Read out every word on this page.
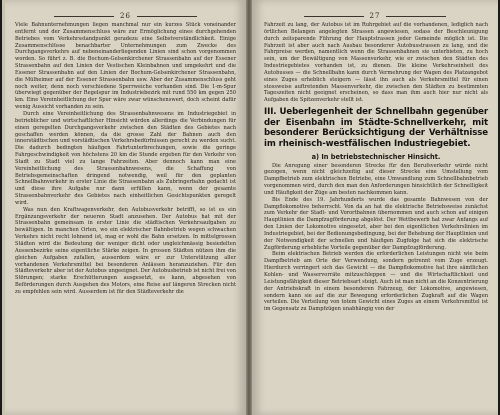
26

Viele Bahnunternehmungen liegen manchmal nur ein kurzes Stück voneinander entfernt und der Zusammenschluss wäre zur Ermöglichung eines durchgehenden Betriebes vom Verkehrsstandpunkt geradezu eine Selbstverständlichkeit. Einige Zusammenschlüsse benachbarter Unternehmungen zum Zwecke des Durchgangsverkehrs auf nebeneinanderliegenden Linien sind schon vorgenommen worden. So führt z. B. die Bochum-Gelsenkirchener Strassenbahn auf der Essener Strassenbahn auf den Linien der Vestischen Kleinbahnen und umgekehrt und die Essener Strassenbahn auf den Linien der Bochum-Gelsenkirchener Strassenbahn, die Mülheimer auf der Essener Strassenbahn usw. Aber der Zusammenschluss geht noch weiter, denn noch verschiedene Sperrweiche vorhanden sind. Die 1-m-Spur überwiegt gegenüber der Regelspur im Industriebezirk mit rund 550 km gegen 250 km. Eine Vereinheitlichung der Spur wäre zwar wünschenswert, doch scheint dafür wenig Aussicht vorhanden zu sein.

Durch eine Vereinheitlichung des Strassenbahnwesens im Industriegebiet in betrieblicher und wirtschaftlicher Hinsicht würden allerdings die Verbindungen für einen geregelten Durchgangsverkehr zwischen den Städten des Gebietes nach geschaffen werden können, da die grosse Zahl der Bahnen auch den innerstädtischen und vorstädtischen Verkehrsbedürfnissen gerecht zu werden sucht. Die dadurch bedingten häufigen Fahrtunterbrechungen, sowie die geringe Fahrgeschwindigkeit von höchstens 20 km die Stunde ergeben für den Verkehr von Stadt zu Stadt viel zu lange Fahrzeiten. Aber dennoch kann man eine Vereinheitlichung des Strassenbahnwesens, die Schaffung von Betriebsgemeinschaften dringend notwendig, weil für den geplanten Schnellbahnverkehr in erster Linie die Strassenbahn als Zubringerbahn gedacht ist und diese ihre Aufgabe nur dann erfüllen kann, wenn der gesamte Strassenbahnverkehr des Gebietes nach einheitlichen Gesichtspunkten geregelt wird.

Was nun den Kraftwagenverkehr, den Autobusverkehr betrifft, so ist es ein Ergänzungsverkehr der neueren Stadt anzusehen. Der Autobus hat mit der Strassenbahn gemeinsam in erster Linie die städtischen Verkehrsaufgaben zu bewältigen. In manchen Orten, wo ein elektrischer Bahnbetrieb wegen schwachen Verkehrs nicht recht lohnend ist, mag er wohl die Bahn ersetzen. In mittelgrossen Städten wird die Bedeutung der weniger dicht oder ungleichmässig besiedelten Aussenbezirke seine eigentliche Stärke zeigen. In grossen Städten nützen ihm die gleichen Aufgaben zufallen, ausserdem wäre er zur Unterstützung aller vorhandenen Verkehrsmittel bei besonderen Anlässen heranzuziehen. Für den Städteverkehr aber ist der Autobus ungeeignet. Der Autobusbetrieb ist nicht frei von Störungen; starke Erschütterungen ausgesetzt, es kann, abgesehen von Beförderungen durch Ausgehen des Motors, eine Reise auf längeren Strecken nicht zu empfehlen sein wird. Ausserdem ist für den Städteverkehr die

27

Fahrzeit zu lang, der Autobus ist im Ruhrgebiet auf die vorhandenen, lediglich nach örtlichen Belangen angelegten Strassen angewiesen, sodass der Beschleunigung durch zeitsparende Führung der Hauptstrassen jeder Gemeinde möglich ist. Die Fahrzeit ist aber auch nach Ausbau besonderer Autobusstrassen zu lang, und die Fahrpreise werden, namentlich wenn die Strassenbahnen sie unterbieten, zu hoch sein, um der Bewältigung von Massenverkehr, wie er zwischen den Städten des Industriegebietes vorhanden ist, zu dienen. Die kleine Verkehrseinheit des Autobusses — die Schnellbahn kann durch Vermehrung der Wagen des Platzangebot eines Zuges erheblich steigern — lässt ihn auch als Verkehrsmittel für einen stossweise auftretenden Massenverkehr, die zwischen den Städten zu bestimmten Tageszeiten nicht geeignet erscheinen, so dass man ihm auch hier nur nicht als Aufgaben die Spitzenverkehr stellt ist.

III. Ueberlegenheit der Schnellbahn gegenüber der Eisenbahn im Städte-Schnellverkehr, mit besonderer Berücksichtigung der Verhältnisse im rheinisch-westfälischen Industriegebiet.
a) In betriebstechnischer Hinsicht.

Die Anregung einer besonderen Strecke für den Berufsverkehr würde nicht gezogen, wenn nicht gleichzeitig auf dieser Strecke eine Umstellung vom Dampfbetrieb zum elektrischen Betriebe, eine Umwandlung zum Schnellbahnbetrieb vorgenommen wird, durch den man den Anforderungen hinsichtlich der Schnelligkeit und Häufigkeit der Züge am besten nachkommen kann.

Bis Ende des 19. Jahrhunderts wurde das gesamte Bahnwesen von der Dampflokomotive beherrscht. Von da an hat die elektrische Betriebsweise zunächst zum Verkehr der Stadt- und Vorortbahnen übernommen und auch schon auf einigen Hauptlinien die Dampfzugförderung abgelöst. Der Wettbewerb hat zwar Anfangs auf den Linien der Lokomotive eingesetzt, aber bei den eigentlichen Verkehrslinien im Industriegebiet, bei der Bedienungsbedingung, bei der Behebung der Hauptlinien und der Notwendigkeit der schnellen und häufigen Zugfolge hat sich die elektrische Zugförderung erhebliche Vorteile gegenüber der Dampfzugförderung.

Beim elektrischen Betrieb werden die erforderlichen Leistungen nicht wie beim Dampfbetrieb am Orte der Verwendung, sondern getrennt vom Zuge erzeugt. Hierdurch verringert sich das Gewicht — die Dampflokomotive hat ihre sämtlichen Kohlen- und Wasservorräte mitzuschleppen — und die Wirtschaftlichkeit und Leistungsfähigkeit dieser Betriebsart steigt. Auch ist man nicht an die Konzentrierung der Antriebskraft in einem besonderen Fahrzeug, der Lokomotive, angewiesen, sondern kann sie auf die zur Bewegung erforderlichen Zugkraft auf die Wagen verteilen. Die Verteilung von totem Gewicht eines Zuges an einem Verkehrsmittel ist im Gegensatz zu Dampfzügen unabhängig von der
